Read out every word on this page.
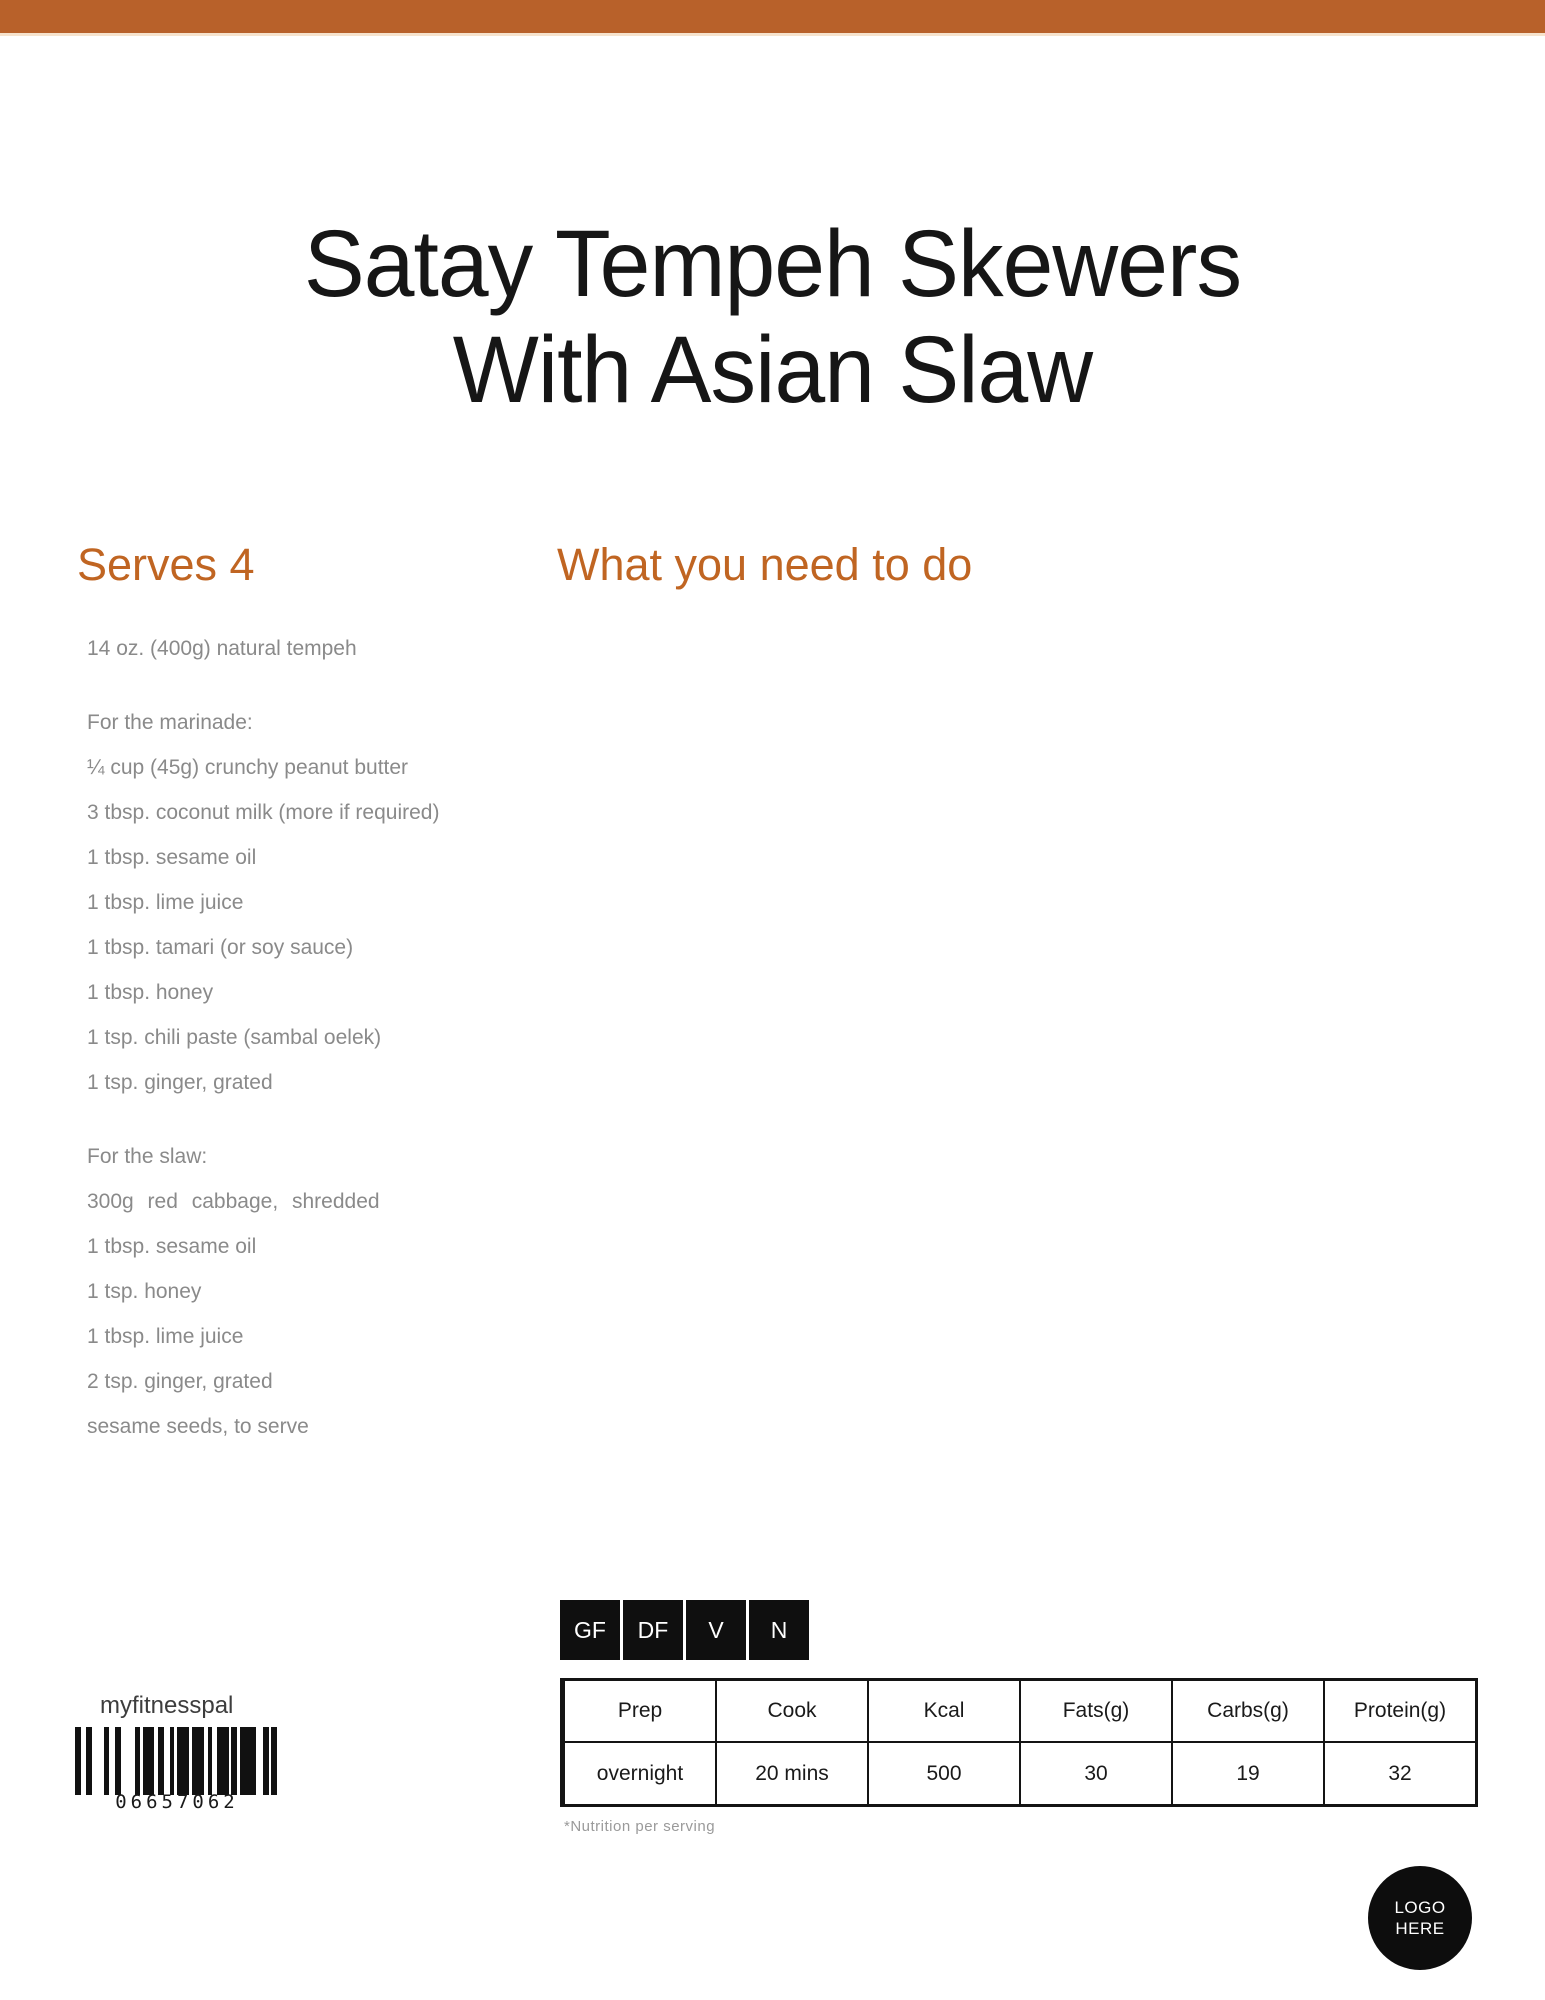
Satay Tempeh Skewers
With Asian Slaw
Serves 4	What you need to do
14 oz. (400g) natural tempeh
For the marinade:
¼ cup (45g) crunchy peanut butter
3 tbsp. coconut milk (more if required)
1 tbsp. sesame oil
1 tbsp. lime juice
1 tbsp. tamari (or soy sauce)
1 tbsp. honey
1 tsp. chili paste (sambal oelek)
1 tsp. ginger, grated
For the slaw:
300g red cabbage, shredded
1 tbsp. sesame oil
1 tsp. honey
1 tbsp. lime juice
2 tsp. ginger, grated
sesame seeds, to serve
GF	DF	V	N
Prep	Cook	Kcal	Fats(g)	Carbs(g)	Protein(g)
overnight	20 mins	500	30	19	32
*Nutrition per serving
myfitnesspal
06657062
LOGO
HERE
